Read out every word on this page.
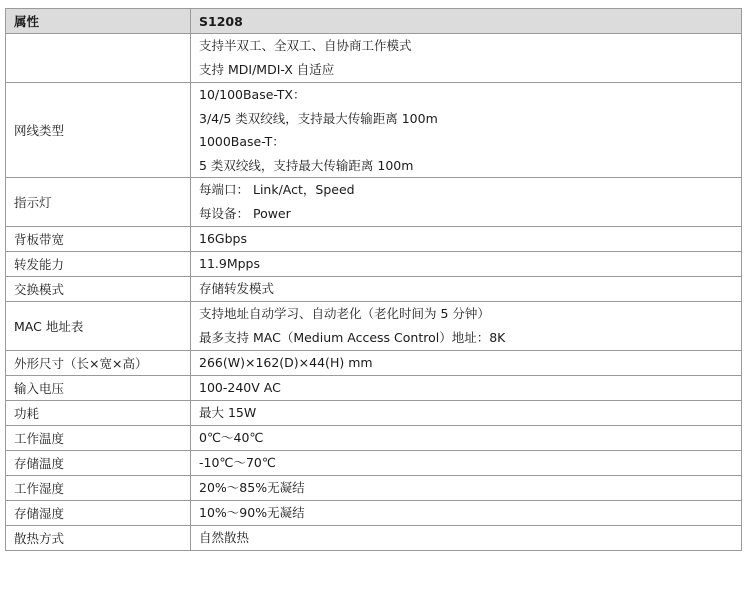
属性	S1208

	支持半双工、全双工、自协商工作模式
支持 MDI/MDI-X 自适应

网线类型	10/100Base-TX：
3/4/5 类双绞线，支持最大传输距离 100m
1000Base-T：
5 类双绞线，支持最大传输距离 100m

指示灯	每端口： Link/Act，Speed
每设备： Power

背板带宽	16Gbps

转发能力	11.9Mpps

交换模式	存储转发模式

MAC 地址表	支持地址自动学习、自动老化（老化时间为 5 分钟）
最多支持 MAC（Medium Access Control）地址：8K

外形尺寸（长×宽×高）	266(W)×162(D)×44(H) mm

输入电压	100-240V AC

功耗	最大 15W

工作温度	0℃～40℃

存储温度	-10℃～70℃

工作湿度	20%～85%无凝结

存储湿度	10%～90%无凝结

散热方式	自然散热
